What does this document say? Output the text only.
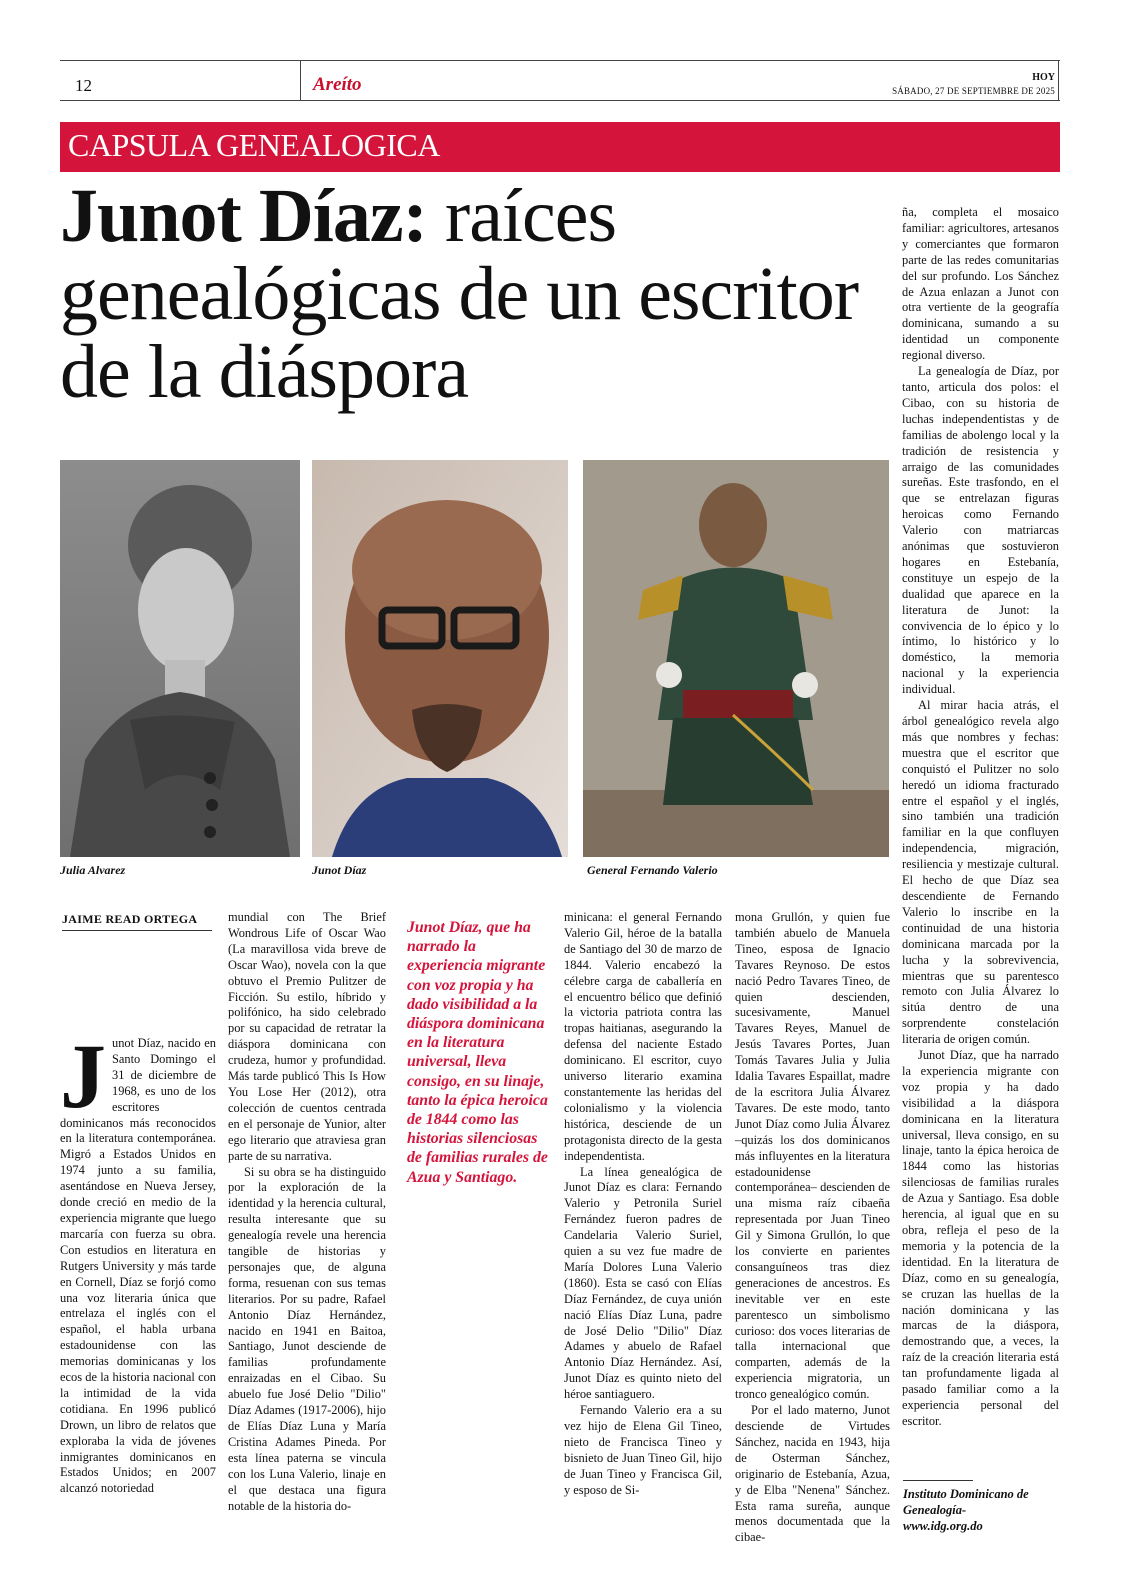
12	Areíto	HOY
SÁBADO, 27 DE SEPTIEMBRE DE 2025
CAPSULA GENEALOGICA
Junot Díaz: raíces genealógicas de un escritor de la diáspora
Julia Alvarez	Junot Díaz	General Fernando Valerio
JAIME READ ORTEGA
J unot Díaz, nacido en Santo Domingo el 31 de diciembre de 1968, es uno de los escritores dominicanos más reconocidos en la literatura contemporánea. Migró a Estados Unidos en 1974 junto a su familia, asentándose en Nueva Jersey, donde creció en medio de la experiencia migrante que luego marcaría con fuerza su obra. Con estudios en literatura en Rutgers University y más tarde en Cornell, Díaz se forjó como una voz literaria única que entrelaza el inglés con el español, el habla urbana estadounidense con las memorias dominicanas y los ecos de la historia nacional con la intimidad de la vida cotidiana. En 1996 publicó Drown, un libro de relatos que exploraba la vida de jóvenes inmigrantes dominicanos en Estados Unidos; en 2007 alcanzó notoriedad

mundial con The Brief Wondrous Life of Oscar Wao (La maravillosa vida breve de Oscar Wao), novela con la que obtuvo el Premio Pulitzer de Ficción. Su estilo, híbrido y polifónico, ha sido celebrado por su capacidad de retratar la diáspora dominicana con crudeza, humor y profundidad. Más tarde publicó This Is How You Lose Her (2012), otra colección de cuentos centrada en el personaje de Yunior, alter ego literario que atraviesa gran parte de su narrativa.

Si su obra se ha distinguido por la exploración de la identidad y la herencia cultural, resulta interesante que su genealogía revele una herencia tangible de historias y personajes que, de alguna forma, resuenan con sus temas literarios. Por su padre, Rafael Antonio Díaz Hernández, nacido en 1941 en Baitoa, Santiago, Junot desciende de familias profundamente enraizadas en el Cibao. Su abuelo fue José Delio "Dilio" Díaz Adames (1917-2006), hijo de Elías Díaz Luna y María Cristina Adames Pineda. Por esta línea paterna se vincula con los Luna Valerio, linaje en el que destaca una figura notable de la historia do-

Junot Díaz, que ha narrado la experiencia migrante con voz propia y ha dado visibilidad a la diáspora dominicana en la literatura universal, lleva consigo, en su linaje, tanto la épica heroica de 1844 como las historias silenciosas de familias rurales de Azua y Santiago.

minicana: el general Fernando Valerio Gil, héroe de la batalla de Santiago del 30 de marzo de 1844. Valerio encabezó la célebre carga de caballería en el encuentro bélico que definió la victoria patriota contra las tropas haitianas, asegurando la defensa del naciente Estado dominicano. El escritor, cuyo universo literario examina constantemente las heridas del colonialismo y la violencia histórica, desciende de un protagonista directo de la gesta independentista.

La línea genealógica de Junot Díaz es clara: Fernando Valerio y Petronila Suriel Fernández fueron padres de Candelaria Valerio Suriel, quien a su vez fue madre de María Dolores Luna Valerio (1860). Esta se casó con Elías Díaz Fernández, de cuya unión nació Elías Díaz Luna, padre de José Delio "Dilio" Díaz Adames y abuelo de Rafael Antonio Díaz Hernández. Así, Junot Díaz es quinto nieto del héroe santiaguero.

Fernando Valerio era a su vez hijo de Elena Gil Tineo, nieto de Francisca Tineo y bisnieto de Juan Tineo Gil, hijo de Juan Tineo y Francisca Gil, y esposo de Si-

mona Grullón, y quien fue también abuelo de Manuela Tineo, esposa de Ignacio Tavares Reynoso. De estos nació Pedro Tavares Tineo, de quien descienden, sucesivamente, Manuel Tavares Reyes, Manuel de Jesús Tavares Portes, Juan Tomás Tavares Julia y Julia Idalia Tavares Espaillat, madre de la escritora Julia Álvarez Tavares. De este modo, tanto Junot Díaz como Julia Álvarez –quizás los dos dominicanos más influyentes en la literatura estadounidense contemporánea– descienden de una misma raíz cibaeña representada por Juan Tineo Gil y Simona Grullón, lo que los convierte en parientes consanguíneos tras diez generaciones de ancestros. Es inevitable ver en este parentesco un simbolismo curioso: dos voces literarias de talla internacional que comparten, además de la experiencia migratoria, un tronco genealógico común.

Por el lado materno, Junot desciende de Virtudes Sánchez, nacida en 1943, hija de Osterman Sánchez, originario de Estebanía, Azua, y de Elba "Nenena" Sánchez. Esta rama sureña, aunque menos documentada que la cibae-

ña, completa el mosaico familiar: agricultores, artesanos y comerciantes que formaron parte de las redes comunitarias del sur profundo. Los Sánchez de Azua enlazan a Junot con otra vertiente de la geografía dominicana, sumando a su identidad un componente regional diverso.

La genealogía de Díaz, por tanto, articula dos polos: el Cibao, con su historia de luchas independentistas y de familias de abolengo local y la tradición de resistencia y arraigo de las comunidades sureñas. Este trasfondo, en el que se entrelazan figuras heroicas como Fernando Valerio con matriarcas anónimas que sostuvieron hogares en Estebanía, constituye un espejo de la dualidad que aparece en la literatura de Junot: la convivencia de lo épico y lo íntimo, lo histórico y lo doméstico, la memoria nacional y la experiencia individual.

Al mirar hacia atrás, el árbol genealógico revela algo más que nombres y fechas: muestra que el escritor que conquistó el Pulitzer no solo heredó un idioma fracturado entre el español y el inglés, sino también una tradición familiar en la que confluyen independencia, migración, resiliencia y mestizaje cultural. El hecho de que Díaz sea descendiente de Fernando Valerio lo inscribe en la continuidad de una historia dominicana marcada por la lucha y la sobrevivencia, mientras que su parentesco remoto con Julia Álvarez lo sitúa dentro de una sorprendente constelación literaria de origen común.

Junot Díaz, que ha narrado la experiencia migrante con voz propia y ha dado visibilidad a la diáspora dominicana en la literatura universal, lleva consigo, en su linaje, tanto la épica heroica de 1844 como las historias silenciosas de familias rurales de Azua y Santiago. Esa doble herencia, al igual que en su obra, refleja el peso de la memoria y la potencia de la identidad. En la literatura de Díaz, como en su genealogía, se cruzan las huellas de la nación dominicana y las marcas de la diáspora, demostrando que, a veces, la raíz de la creación literaria está tan profundamente ligada al pasado familiar como a la experiencia personal del escritor.

Instituto Dominicano de Genealogía-
www.idg.org.do
